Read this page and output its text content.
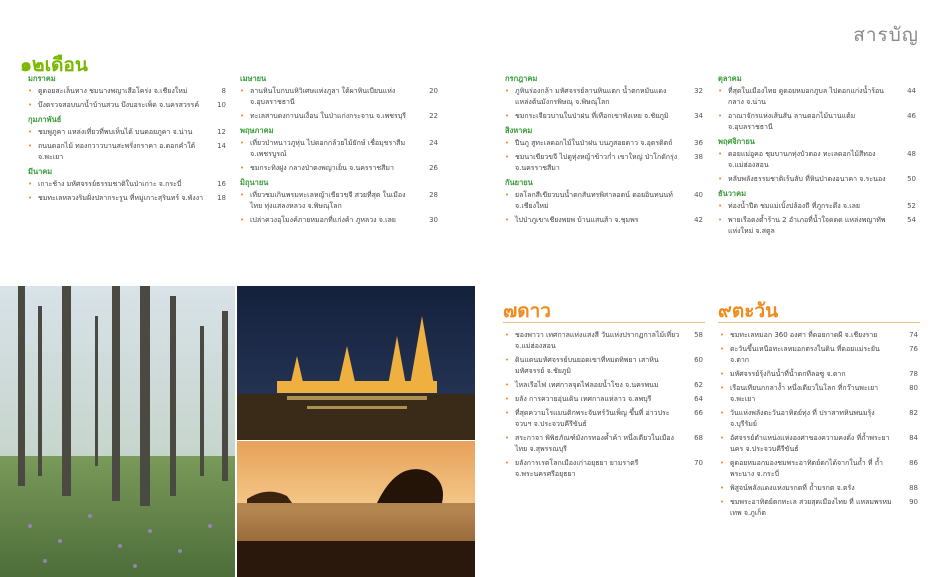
สารบัญ
๑๒เดือน
มกราคม
• ดูดอยสะเล็นทาง ชมนางพญาเสือโคร่ง จ.เชียงใหม่	8
• บึงตรวจสอบนกน้ำบ้านสวน บึงบอระเพ็ด จ.นครสวรรค์	10
กุมภาพันธ์
• ชมพูภูคา แหล่งเที่ยวที่พบเห็นได้ บนดอยภูคา จ.น่าน	12
• ถนนดอกไม้ ทองกวาวบานสะพรั่งกราคา อ.ดอกคำใต้ จ.พะเยา
14
มีนาคม
• เกาะช้าง มหัศจรรย์ธรรมชาติในป่าเกาะ จ.กระบี่	16
• ชมทะเลหลวงริมฝั่งปลากระรูน ที่หมู่เกาะสุรินทร์ จ.พังงา	18
เมษายน
• ลานหินโบกบนหิวิเศษแห่งภูลา ใต้ผาหินเบียนแห่ง จ.อุบลราชธานี
20
• ทะเลสาบดงกานนเงื่อน ในป่าแก่งกระจาน จ.เพชรบุรี	22
พฤษภาคม
• เที่ยวป่าหนาวภูหุ่น ไปดอกกล้วยไม้ยักษ์ เชื่อมุขราสีม จ.เพชรบูรณ์
24
• ชมกระทิงฝูง กลางป่าดงพญาเย็น จ.นครราชสีมา	26
มิถุนายน
• เที่ยวชมเกินพรมทะเลหญ้าเขียวขจี สวยที่สุด ในเมืองไทย ทุ่งแสลงหลวง จ.พิษณุโลก
28
• เปล่าควงอุโมงค์ภายหมอกที่แก่งค้า ภูหลวง จ.เลย	30
กรกฎาคม
• ภูหินร่องกล้า มหัศจรรย์ลานหินแตก น้ำตกหมันแดง แหล่งต้นมังกรพิษณุ จ.พิษณุโลก
32
• ชมกระเจียวบานในป่าฝน ที่เทือกเขาพังเหย จ.ชัยภูมิ	34
สิงหาคม
• ปีนภู สูทะเลดอกไม้ในป่าฝน บนภูสอยดาว จ.อุตรดิตถ์	36
• ชมนาเขียวขจี ไปดูทุ่งหญ้าข้าวก่ำ เขาใหญ่ ป่าโกดักรุ่ง จ.นครราชสีมา
38
กันยายน
• ยลโลกสีเขียวบนน้ำตกสันทรพิสาลอดน์ ดอยอินทนนท์ จ.เชียงใหม่
40
• ไปป่าภูเขาเชียงพยพ บ้านแสนส้า จ.ชุมพร	42
ตุลาคม
• ที่สุดในเมืองไทย ดูดอยหมอกภูบล ไปดอกแก่งน้ำร้อนกลาง จ.น่าน
44
• อาณาจักรแห่งเส้นสัน ลานดอกไม้นานแต้ม จ.อุบลราชธานี
46
พฤศจิกายน
• ดอยแม่อูคอ ชุมบานกทุ่งบัวตอง ทะเลดอกไม้สีทอง จ.แม่ฮ่องสอน
48
• หลับพลังธรรมชาติเร้นลับ ที่หินป่าดงอนาคา จ.ระนอง	50
ธันวาคม
• ท่องน้ำปีต ชมแม่เบิ้งปล้องถี ที่ภูกระดึง จ.เลย	52
• พายเรือดงต้ำร้าน 2 อำเภอที่น้ำใจดดด แหล่งพญาทัพแห่งใหม่ จ.สตูล
54
๗ดาว
• ชองพาวา เทศกาลแห่งแสงสี วันแห่งปรากฏกาลไม้เที่ยว จ.แม่ฮ่องสอน
58
• ดินแดนมหัศจรรย์บนยอดเขาที่หมดทิพยา เสาหินมหัศจรรย์ จ.ชัยภูมิ
60
• ไหลเรือไฟ เทศกาลจุดไฟลอยน้ำโขง จ.นครพนม	62
• ยลัง การควายอุ่นเดิน เทศกาลแห่ลาว จ.ลพบุรี	64
• ที่สุดความโรแมนติกพระจันทร์วันเพ็ญ ขึ้นที่ อ่าวประจวบฯ จ.ประจวบคีรีขันธ์
66
• สระกาจา พิพิธภัณฑ์มังกรทองค้ำค้า หนึ่งเดียวในเมืองไทย จ.สุพรรณบุรี
68
• ยลังการเรตโลกเมืองเก่าอยุธยา ยามราตรี จ.พระนครศรีอยุธยา
70
๙ตะวัน
• ชมทะเลหมอก 360 องศา ที่ดอยกาดผี จ.เชียงราย	74
• ตะวันขึ้นเหนือทะเลหมอกตรงในดิน ที่ดอยแม่ระยัน จ.ตาก
76
• มหัศจรรย์รุ้งกินน้ำที่น้ำตกทีลอซู จ.ตาก	78
• เรือนเทียนกกลาง้ำ หนึ่งเดียวในโลก ที่กว๊านพะเยา จ.พะเยา
80
• วันแห่งพลังตะวันอาทิตย์ทุ่ง ที่ ปราสาทหินพนมรุ้ง จ.บุรีรัมย์
82
• อัศจรรย์ตำแหน่งแห่งองศาของความคงดั่ง ที่ถ้ำพระยานคร จ.ประจวบคีรีขันธ์
84
• ดูดอยหมอกมองชมพระอาทิตย์ตกได้จากในถ้ำ ที่ ถ้ำพระนาง จ.กระบี่
86
• พิสูจน์พลังแดงแห่งมรกตที่ ถ้ำมรกต จ.ตรัง	88
• ชมพระอาทิตย์ตกทะเล สวยสุดเมืองไทย ที่ แหลมพรหมเทพ จ.ภูเก็ต
90
